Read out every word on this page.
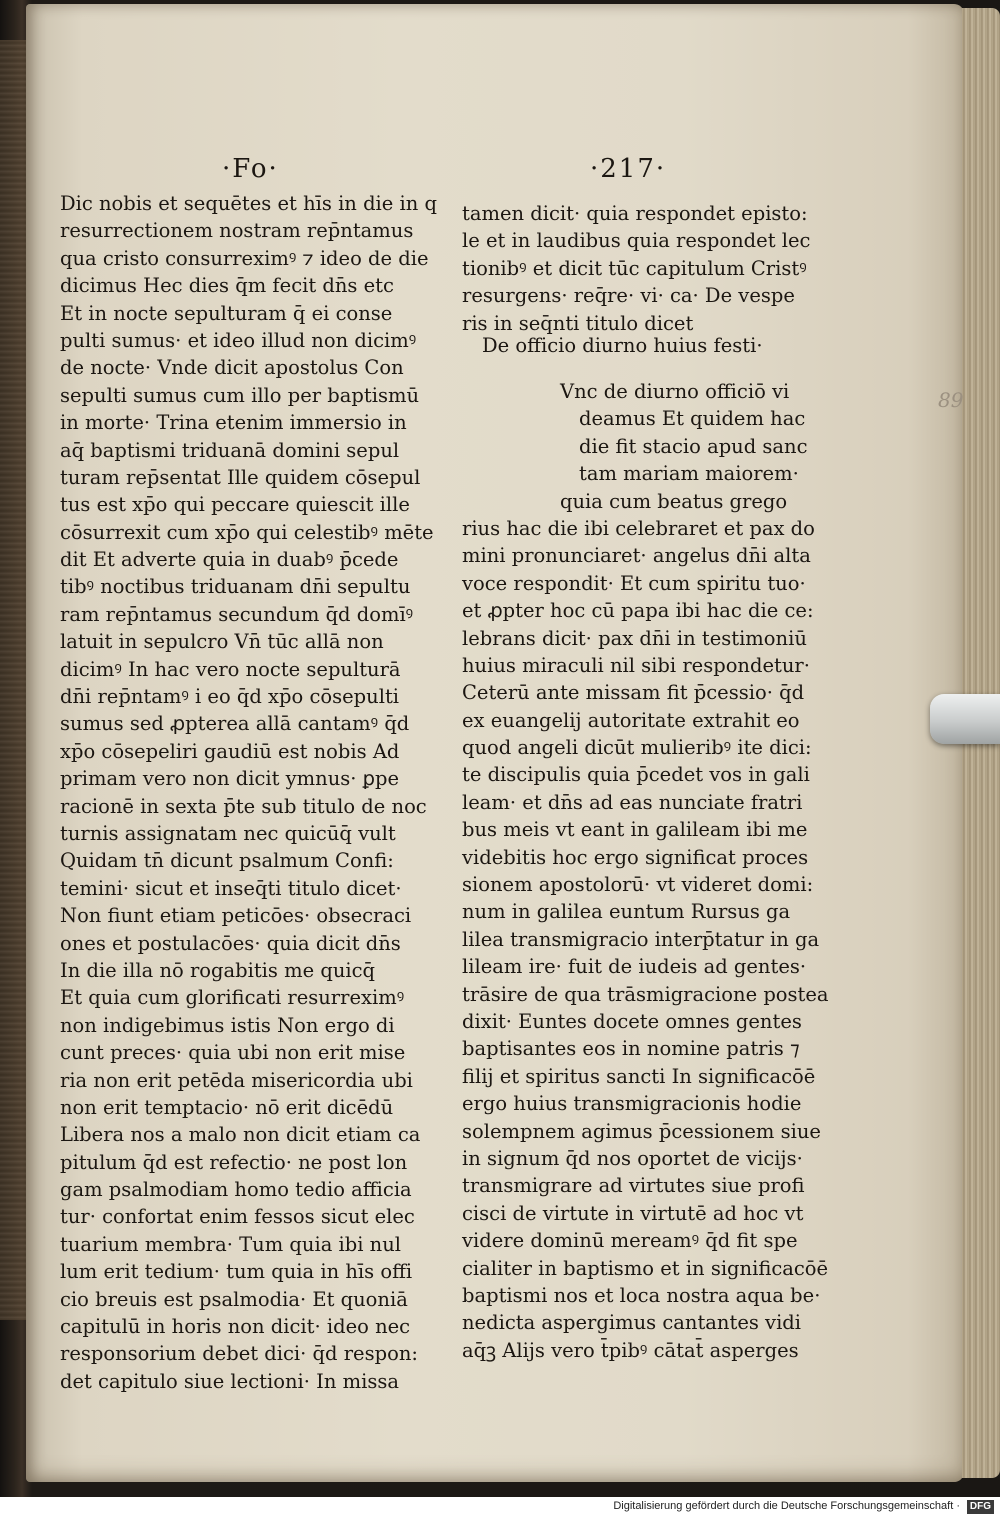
89
·Fo·	·217·
Dic nobis et sequētes et hīs in die in q
resurrectionem nostram rep̄ntamus
qua cristo consurreximꝰ ⁊ ideo de die
dicimus Hec dies q̄m fecit dn̄s etc
Et in nocte sepulturam q̄ ei conse
pulti sumus· et ideo illud non dicimꝰ
de nocte· Vnde dicit apostolus Con
sepulti sumus cum illo per baptismū
in morte· Trina etenim immersio in
aq̄ baptismi triduanā domini sepul
turam rep̄sentat Ille quidem cōsepul
tus est xp̄o qui peccare quiescit ille
cōsurrexit cum xp̄o qui celestibꝰ mēte
dit Et adverte quia in duabꝰ p̄cede
tibꝰ noctibus triduanam dn̄i sepultu
ram rep̄ntamus secundum q̄d domīꝰ
latuit in sepulcro Vn̄ tūc allā non
dicimꝰ In hac vero nocte sepulturā
dn̄i rep̄ntamꝰ i eo q̄d xp̄o cōsepulti
sumus sed ꝓpterea allā cantamꝰ q̄d
xp̄o cōsepeliri gaudiū est nobis Ad
primam vero non dicit ymnus· ꝑpe
racionē in sexta p̄te sub titulo de noc
turnis assignatam nec quicūq̄ vult
Quidam tn̄ dicunt psalmum Confi:
temini· sicut et inseq̄ti titulo dicet·
Non fiunt etiam peticōes· obsecraci
ones et postulacōes· quia dicit dn̄s
In die illa nō rogabitis me quicq̄
Et quia cum glorificati resurreximꝰ
non indigebimus istis Non ergo di
cunt preces· quia ubi non erit mise
ria non erit petēda misericordia ubi
non erit temptacio· nō erit dicēdū
Libera nos a malo non dicit etiam ca
pitulum q̄d est refectio· ne post lon
gam psalmodiam homo tedio afficia
tur· confortat enim fessos sicut elec
tuarium membra· Tum quia ibi nul
lum erit tedium· tum quia in hīs offi
cio breuis est psalmodia· Et quoniā
capitulū in horis non dicit· ideo nec
responsorium debet dici· q̄d respon:
det capitulo siue lectioni· In missa
tamen dicit· quia respondet episto:
le et in laudibus quia respondet lec
tionibꝰ et dicit tūc capitulum Cristꝰ
resurgens· req̄re· vi· ca· De vespe
ris in seq̄nti titulo dicet
De officio diurno huius festi·
Vnc de diurno officiō vi
deamus Et quidem hac
die fit stacio apud sanc
tam mariam maiorem·
quia cum beatus grego
rius hac die ibi celebraret et pax do
mini pronunciaret· angelus dn̄i alta
voce respondit· Et cum spiritu tuo·
et ꝓpter hoc cū papa ibi hac die ce:
lebrans dicit· pax dn̄i in testimoniū
huius miraculi nil sibi respondetur·
Ceterū ante missam fit p̄cessio· q̄d
ex euangelij autoritate extrahit eo
quod angeli dicūt mulieribꝰ ite dici:
te discipulis quia p̄cedet vos in gali
leam· et dn̄s ad eas nunciate fratri
bus meis vt eant in galileam ibi me
videbitis hoc ergo significat proces
sionem apostolorū· vt videret domi:
num in galilea euntum Rursus ga
lilea transmigracio interp̄tatur in ga
lileam ire· fuit de iudeis ad gentes·
trāsire de qua trāsmigracione postea
dixit· Euntes docete omnes gentes
baptisantes eos in nomine patris ⁊
filij et spiritus sancti In significacōē
ergo huius transmigracionis hodie
solempnem agimus p̄cessionem siue
in signum q̄d nos oportet de vicijs·
transmigrare ad virtutes siue profi
cisci de virtute in virtutē ad hoc vt
videre dominū mereamꝰ q̄d fit spe
cialiter in baptismo et in significacōē
baptismi nos et loca nostra aqua be·
nedicta aspergimus cantantes vidi
aq̄ꝫ Alijs vero t̄pibꝰ cātat̄ asperges
Digitalisierung gefördert durch die Deutsche Forschungsgemeinschaft · DFG
